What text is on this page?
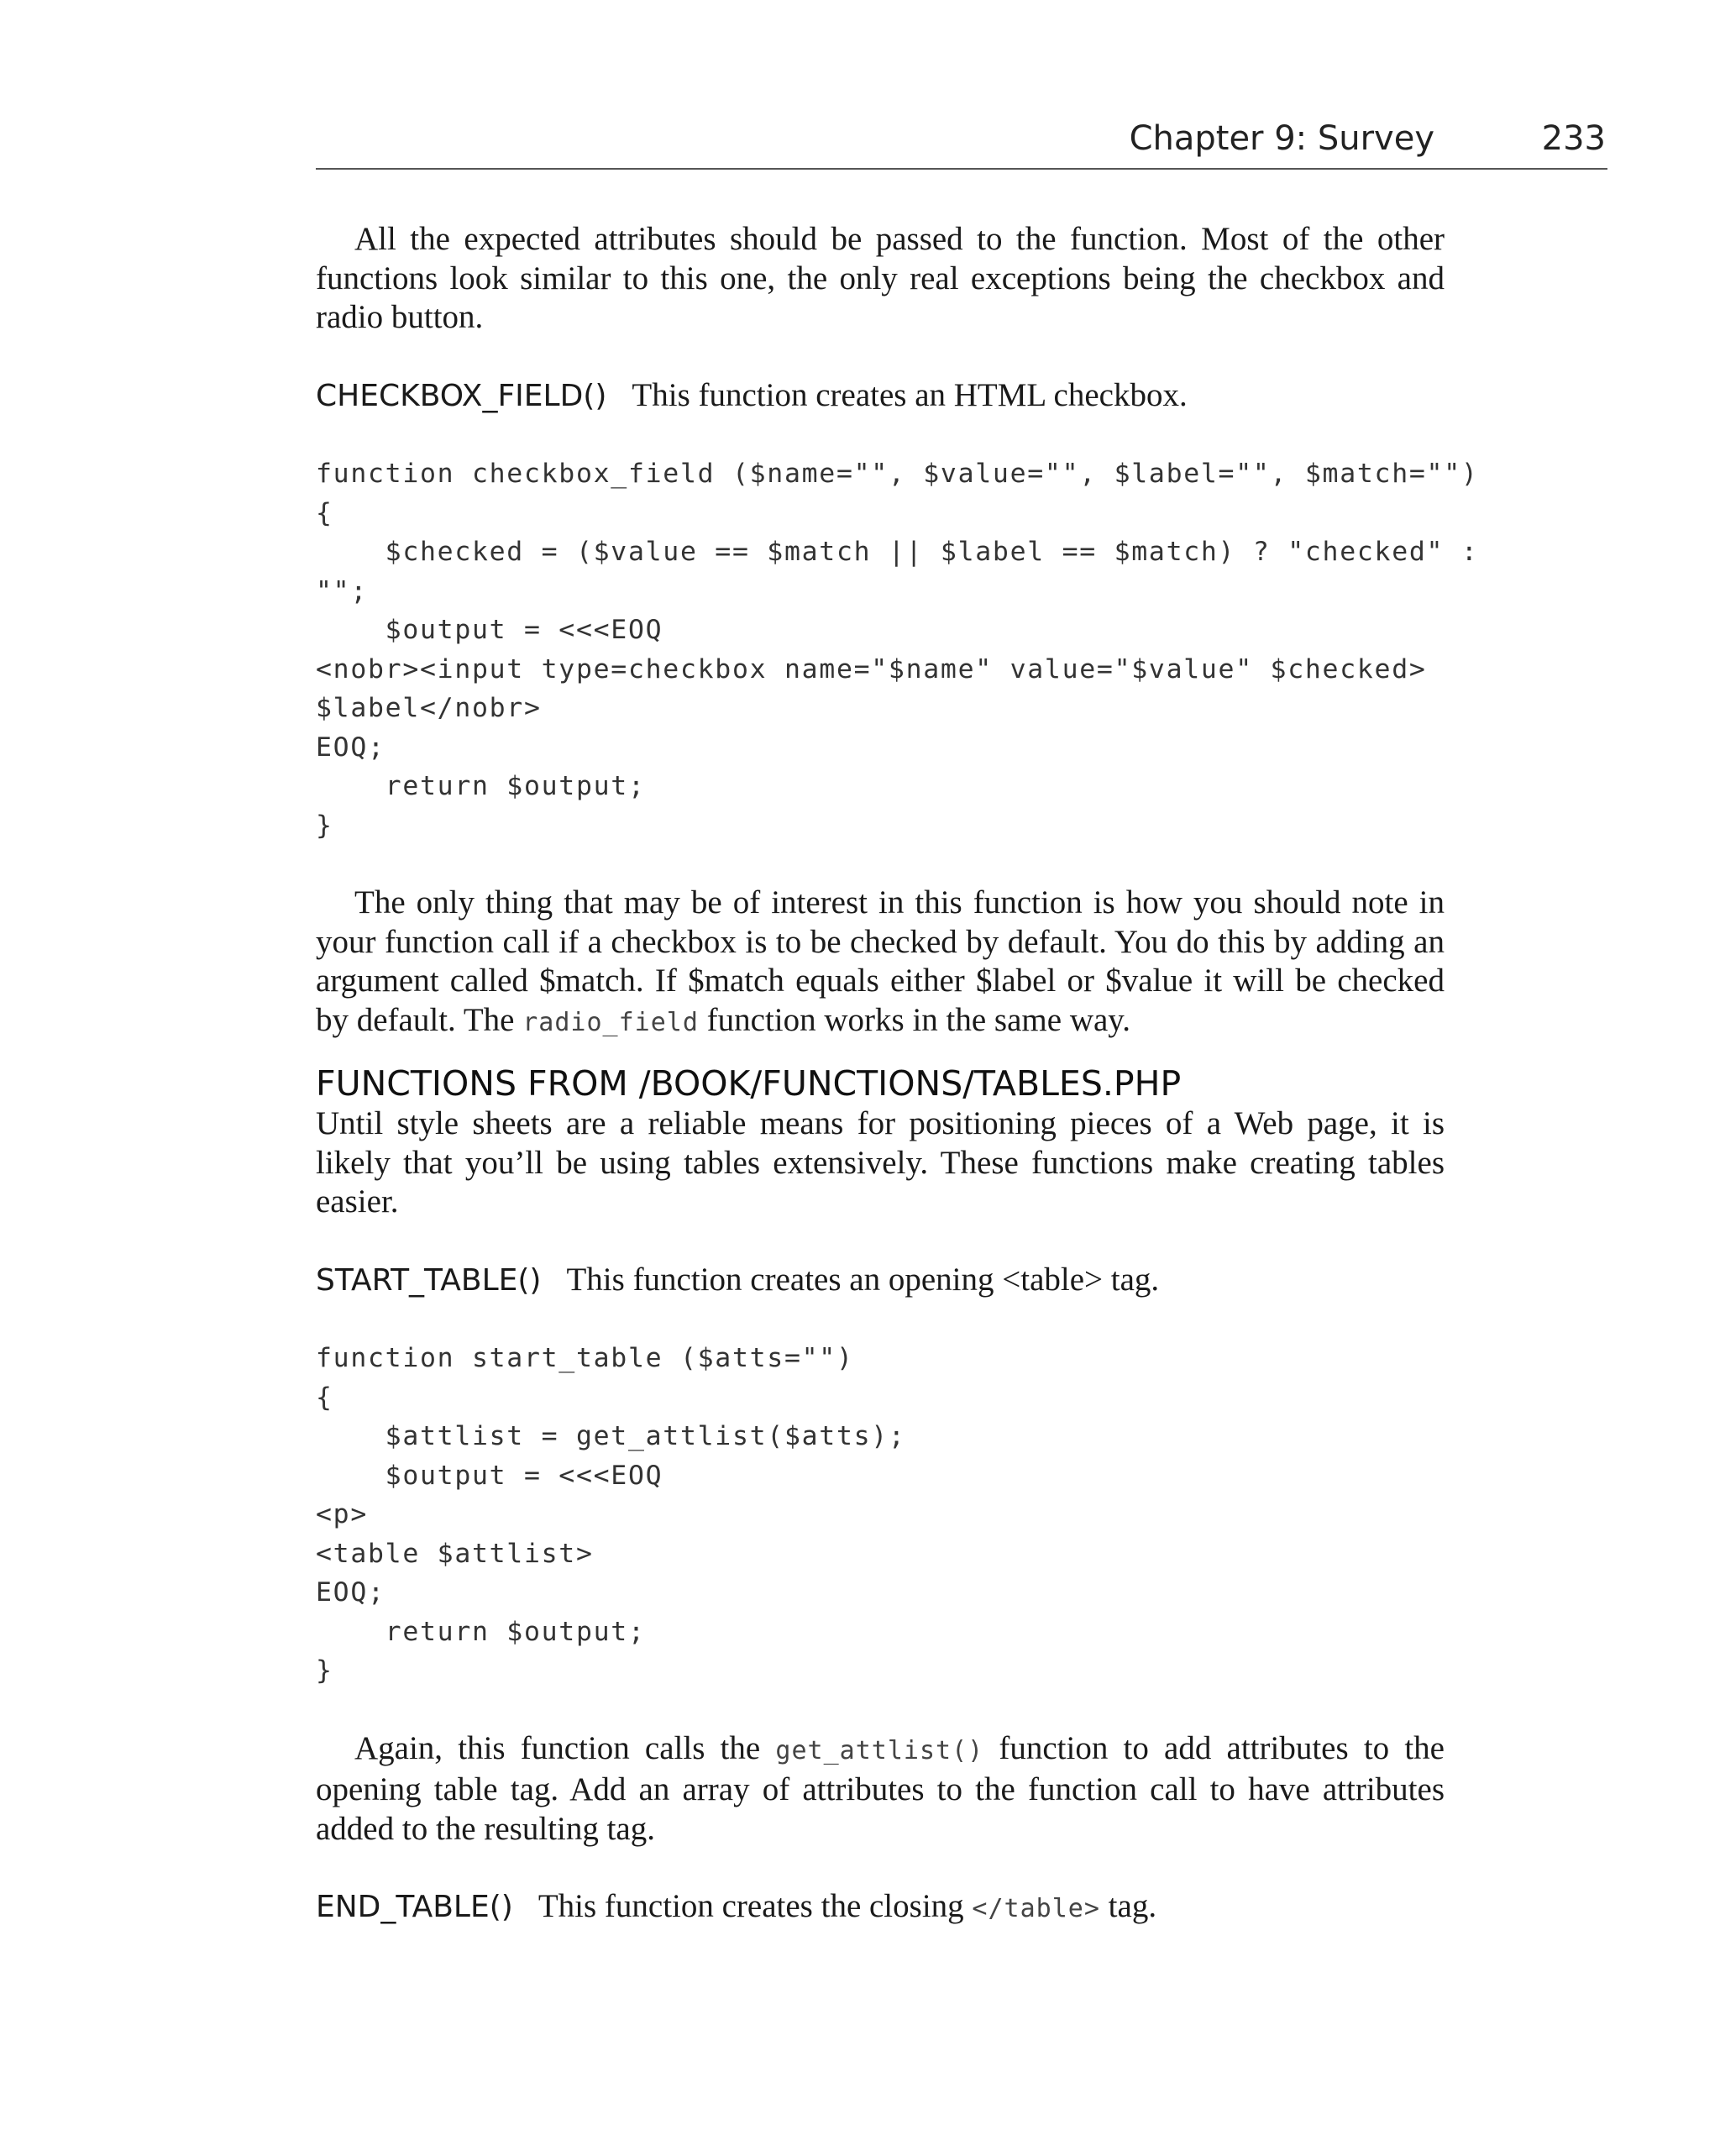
Chapter 9: Survey	233

All the expected attributes should be passed to the function. Most of the other functions look similar to this one, the only real exceptions being the checkbox and radio button.

CHECKBOX_FIELD() This function creates an HTML checkbox.

function checkbox_field ($name="", $value="", $label="", $match="")
{
$checked = ($value == $match || $label == $match) ? "checked" :
"";
$output = <<<EOQ
<nobr><input type=checkbox name="$name" value="$value" $checked>
$label</nobr>
EOQ;
return $output;
}

The only thing that may be of interest in this function is how you should note in your function call if a checkbox is to be checked by default. You do this by adding an argument called $match. If $match equals either $label or $value it will be checked by default. The radio_field function works in the same way.

FUNCTIONS FROM /BOOK/FUNCTIONS/TABLES.PHP

Until style sheets are a reliable means for positioning pieces of a Web page, it is likely that you’ll be using tables extensively. These functions make creating tables easier.

START_TABLE() This function creates an opening <table> tag.

function start_table ($atts="")
{
$attlist = get_attlist($atts);
$output = <<<EOQ
<p>
<table $attlist>
EOQ;
return $output;
}

Again, this function calls the get_attlist() function to add attributes to the opening table tag. Add an array of attributes to the function call to have attributes added to the resulting tag.

END_TABLE() This function creates the closing </table> tag.
